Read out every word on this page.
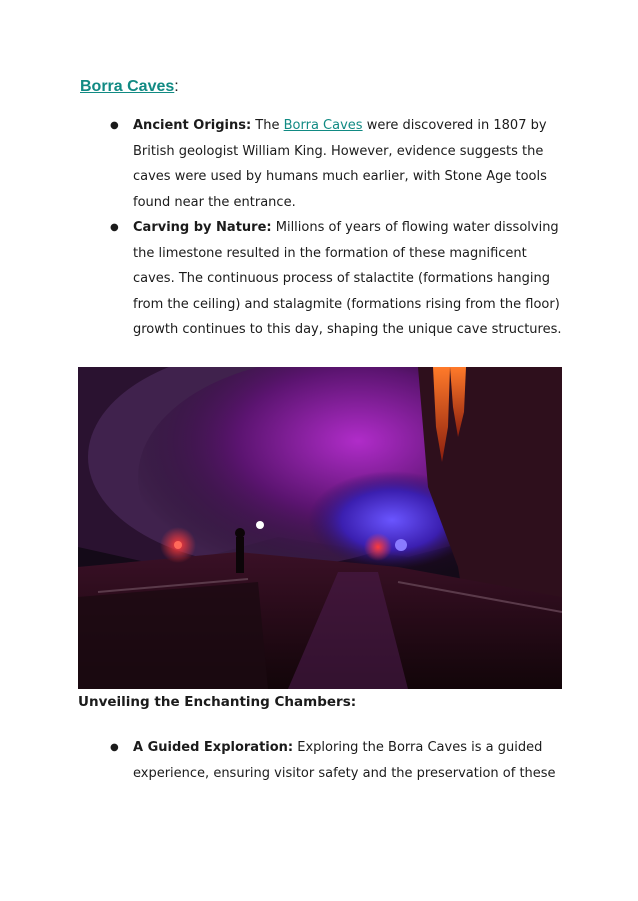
Borra Caves:
● Ancient Origins: The Borra Caves were discovered in 1807 by British geologist William King. However, evidence suggests the caves were used by humans much earlier, with Stone Age tools found near the entrance.
● Carving by Nature: Millions of years of flowing water dissolving the limestone resulted in the formation of these magnificent caves. The continuous process of stalactite (formations hanging from the ceiling) and stalagmite (formations rising from the floor) growth continues to this day, shaping the unique cave structures.
Unveiling the Enchanting Chambers:
● A Guided Exploration: Exploring the Borra Caves is a guided experience, ensuring visitor safety and the preservation of these
